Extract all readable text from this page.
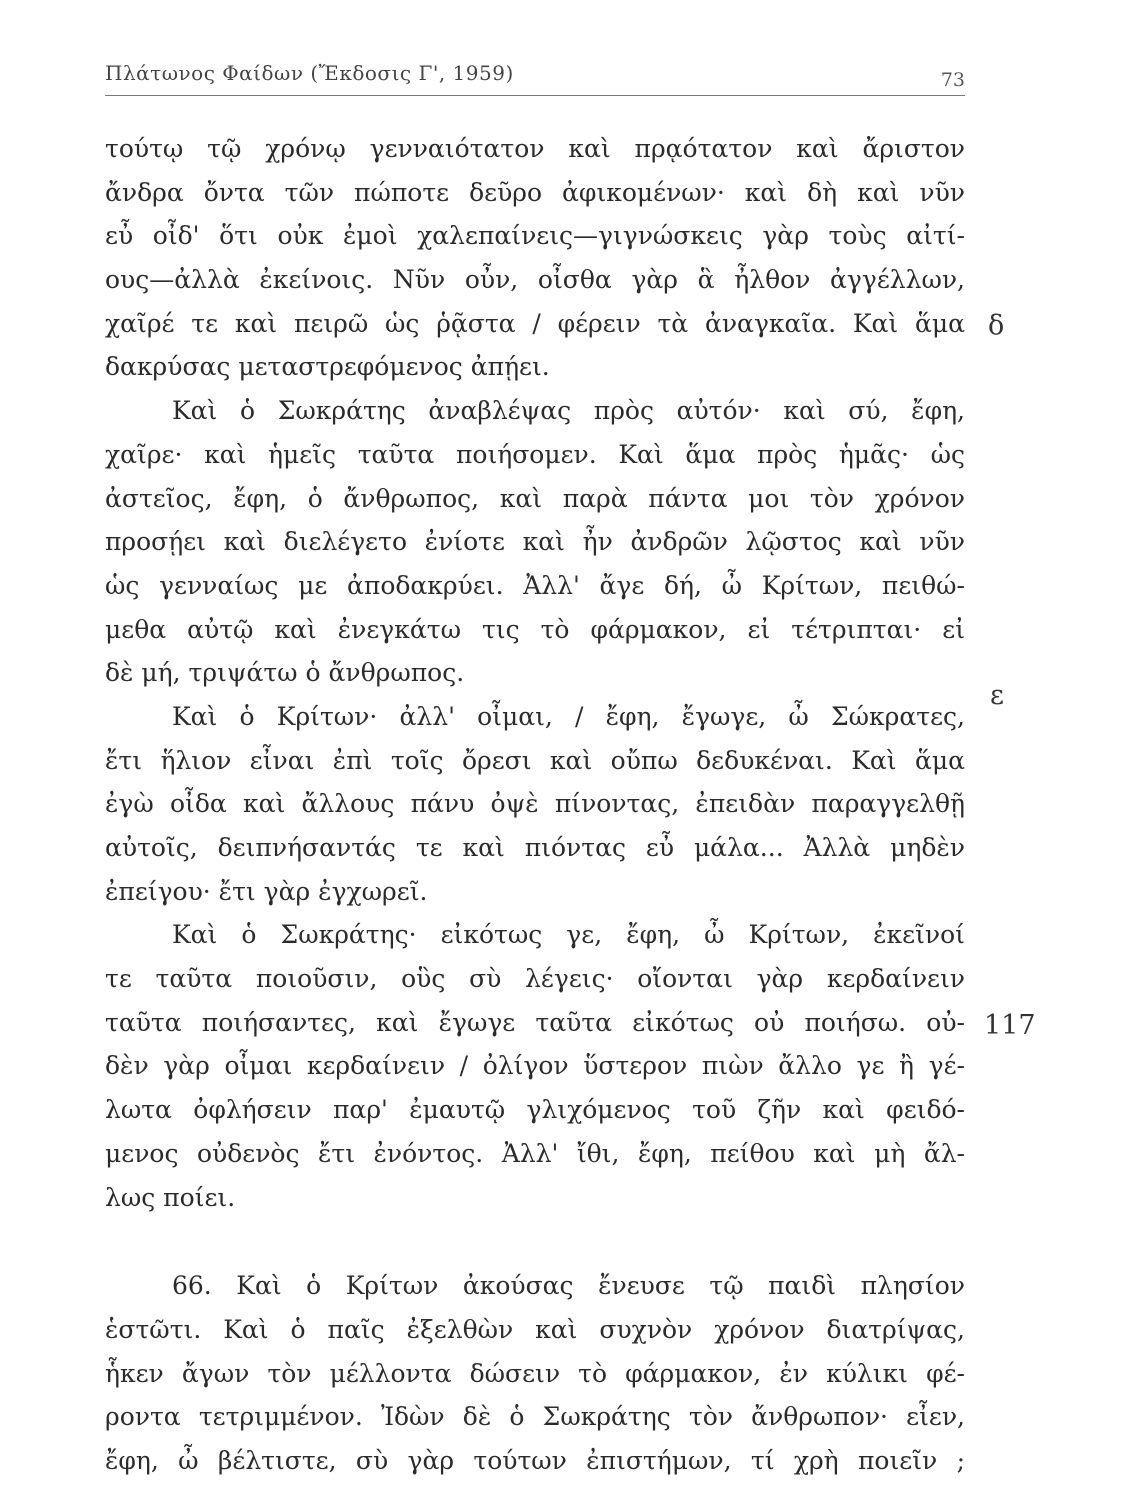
Πλάτωνος Φαίδων (Ἔκδοσις Γ', 1959)	73
τούτῳ τῷ χρόνῳ γενναιότατον καὶ πρᾳότατον καὶ ἄριστον
ἄνδρα ὄντα τῶν πώποτε δεῦρο ἀφικομένων· καὶ δὴ καὶ νῦν
εὖ οἶδ' ὅτι οὐκ ἐμοὶ χαλεπαίνεις—γιγνώσκεις γὰρ τοὺς αἰτί-
ους—ἀλλὰ ἐκείνοις. Νῦν οὖν, οἶσθα γὰρ ἃ ἦλθον ἀγγέλλων,
χαῖρέ τε καὶ πειρῶ ὡς ῥᾷστα / φέρειν τὰ ἀναγκαῖα. Καὶ ἅμα
δακρύσας μεταστρεφόμενος ἀπῄει.
Καὶ ὁ Σωκράτης ἀναβλέψας πρὸς αὐτόν· καὶ σύ, ἔφη,
χαῖρε· καὶ ἡμεῖς ταῦτα ποιήσομεν. Καὶ ἅμα πρὸς ἡμᾶς· ὡς
ἀστεῖος, ἔφη, ὁ ἄνθρωπος, καὶ παρὰ πάντα μοι τὸν χρόνον
προσῄει καὶ διελέγετο ἐνίοτε καὶ ἦν ἀνδρῶν λῷστος καὶ νῦν
ὡς γενναίως με ἀποδακρύει. Ἀλλ' ἄγε δή, ὦ Κρίτων, πειθώ-
μεθα αὐτῷ καὶ ἐνεγκάτω τις τὸ φάρμακον, εἰ τέτριπται· εἰ
δὲ μή, τριψάτω ὁ ἄνθρωπος.
Καὶ ὁ Κρίτων· ἀλλ' οἶμαι, / ἔφη, ἔγωγε, ὦ Σώκρατες,
ἔτι ἥλιον εἶναι ἐπὶ τοῖς ὄρεσι καὶ οὔπω δεδυκέναι. Καὶ ἅμα
ἐγὼ οἶδα καὶ ἄλλους πάνυ ὀψὲ πίνοντας, ἐπειδὰν παραγγελθῇ
αὐτοῖς, δειπνήσαντάς τε καὶ πιόντας εὖ μάλα... Ἀλλὰ μηδὲν
ἐπείγου· ἔτι γὰρ ἐγχωρεῖ.
Καὶ ὁ Σωκράτης· εἰκότως γε, ἔφη, ὦ Κρίτων, ἐκεῖνοί
τε ταῦτα ποιοῦσιν, οὓς σὺ λέγεις· οἴονται γὰρ κερδαίνειν
ταῦτα ποιήσαντες, καὶ ἔγωγε ταῦτα εἰκότως οὐ ποιήσω. οὐ-
δὲν γὰρ οἶμαι κερδαίνειν / ὀλίγον ὕστερον πιὼν ἄλλο γε ἢ γέ-
λωτα ὀφλήσειν παρ' ἐμαυτῷ γλιχόμενος τοῦ ζῆν καὶ φειδό-
μενος οὐδενὸς ἔτι ἐνόντος. Ἀλλ' ἴθι, ἔφη, πείθου καὶ μὴ ἄλ-
λως ποίει.
66. Καὶ ὁ Κρίτων ἀκούσας ἔνευσε τῷ παιδὶ πλησίον
ἑστῶτι. Καὶ ὁ παῖς ἐξελθὼν καὶ συχνὸν χρόνον διατρίψας,
ἧκεν ἄγων τὸν μέλλοντα δώσειν τὸ φάρμακον, ἐν κύλικι φέ-
ροντα τετριμμένον. Ἰδὼν δὲ ὁ Σωκράτης τὸν ἄνθρωπον· εἶεν,
ἔφη, ὦ βέλτιστε, σὺ γὰρ τούτων ἐπιστήμων, τί χρὴ ποιεῖν ;
δ
ε
117
